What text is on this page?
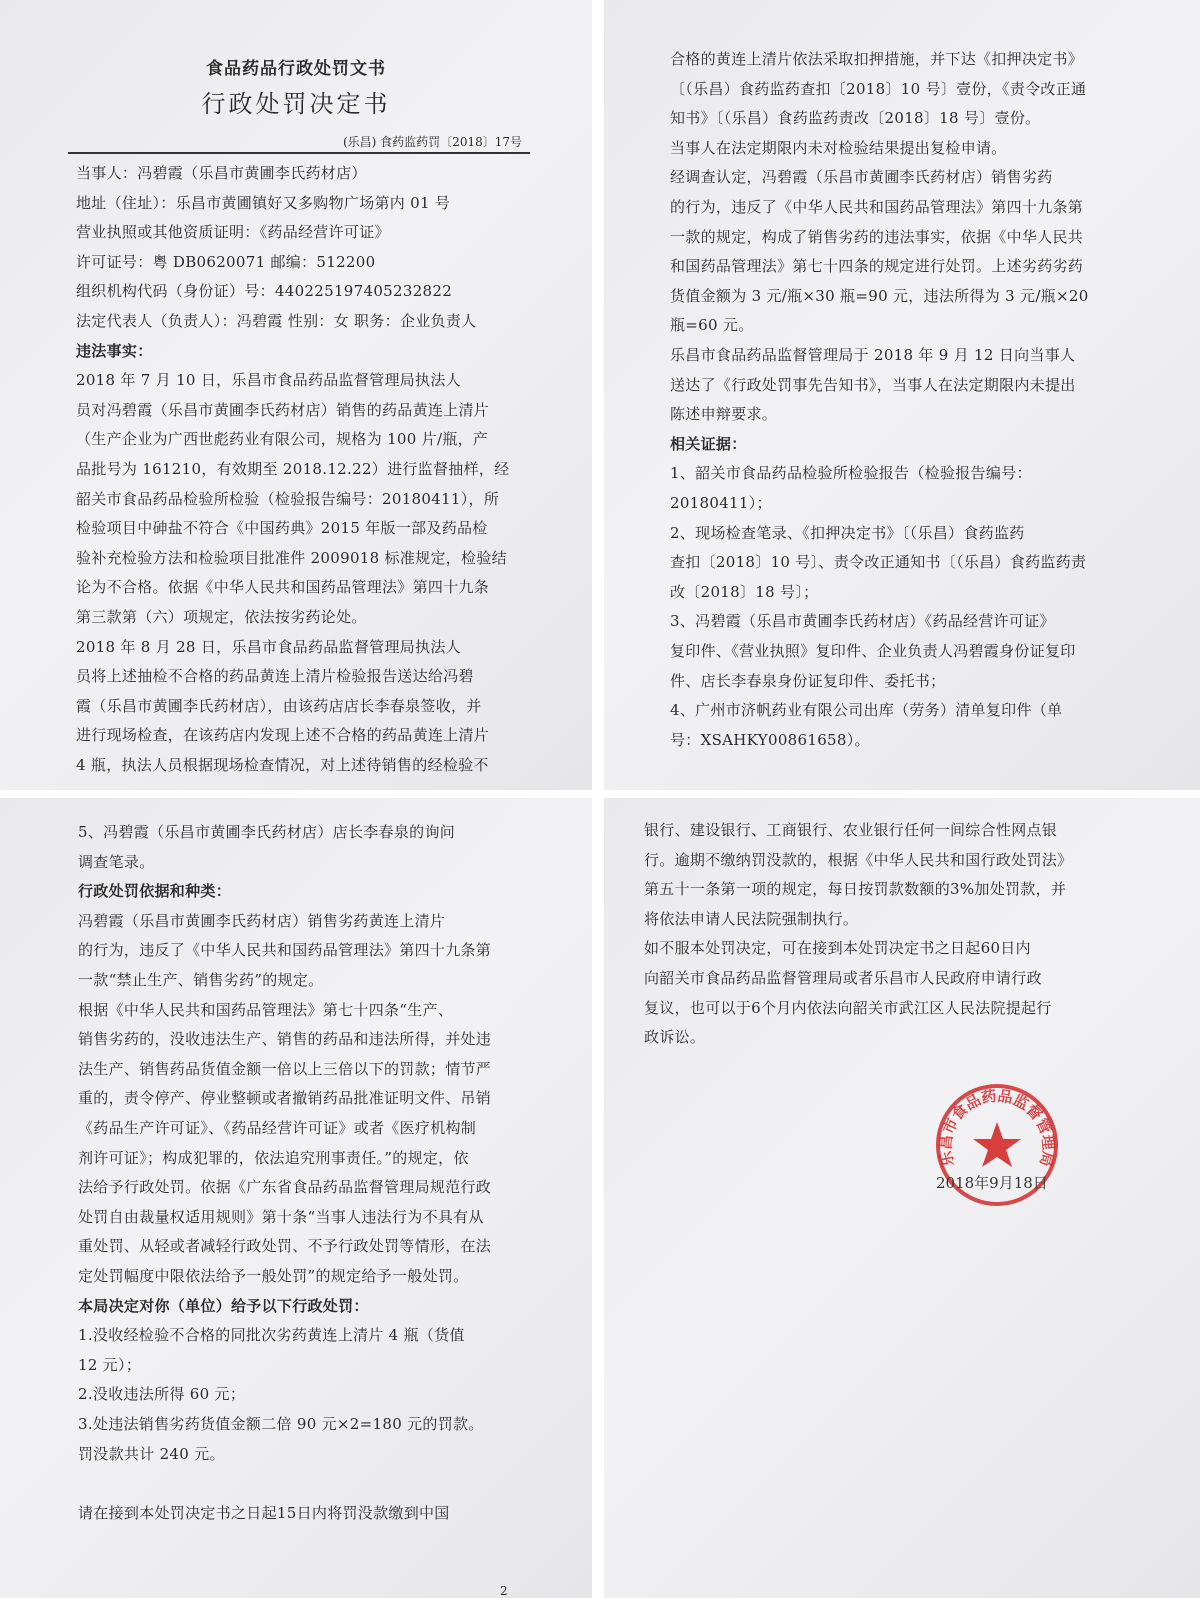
食品药品行政处罚文书
行政处罚决定书
(乐昌) 食药监药罚〔2018〕17号
当事人：冯碧霞（乐昌市黄圃李氏药材店）
地址（住址）：乐昌市黄圃镇好又多购物广场第内 01 号
营业执照或其他资质证明：《药品经营许可证》
许可证号：粤 DB0620071 邮编：512200
组织机构代码（身份证）号：440225197405232822
法定代表人（负责人）：冯碧霞 性别：女 职务：企业负责人
违法事实：
2018 年 7 月 10 日，乐昌市食品药品监督管理局执法人
员对冯碧霞（乐昌市黄圃李氏药材店）销售的药品黄连上清片
（生产企业为广西世彪药业有限公司，规格为 100 片/瓶，产
品批号为 161210，有效期至 2018.12.22）进行监督抽样，经
韶关市食品药品检验所检验（检验报告编号：20180411），所
检验项目中砷盐不符合《中国药典》2015 年版一部及药品检
验补充检验方法和检验项目批准件 2009018 标准规定，检验结
论为不合格。依据《中华人民共和国药品管理法》第四十九条
第三款第（六）项规定，依法按劣药论处。
2018 年 8 月 28 日，乐昌市食品药品监督管理局执法人
员将上述抽检不合格的药品黄连上清片检验报告送达给冯碧
霞（乐昌市黄圃李氏药材店），由该药店店长李春泉签收，并
进行现场检查，在该药店内发现上述不合格的药品黄连上清片
4 瓶，执法人员根据现场检查情况，对上述待销售的经检验不
合格的黄连上清片依法采取扣押措施，并下达《扣押决定书》
〔（乐昌）食药监药查扣〔2018〕10 号〕壹份，《责令改正通
知书》〔（乐昌）食药监药责改〔2018〕18 号〕壹份。
当事人在法定期限内未对检验结果提出复检申请。
经调查认定，冯碧霞（乐昌市黄圃李氏药材店）销售劣药
的行为，违反了《中华人民共和国药品管理法》第四十九条第
一款的规定，构成了销售劣药的违法事实，依据《中华人民共
和国药品管理法》第七十四条的规定进行处罚。上述劣药劣药
货值金额为 3 元/瓶×30 瓶=90 元，违法所得为 3 元/瓶×20
瓶=60 元。
乐昌市食品药品监督管理局于 2018 年 9 月 12 日向当事人
送达了《行政处罚事先告知书》，当事人在法定期限内未提出
陈述申辩要求。
相关证据：
1、韶关市食品药品检验所检验报告（检验报告编号：
20180411）；
2、现场检查笔录、《扣押决定书》〔（乐昌）食药监药
查扣〔2018〕10 号〕、责令改正通知书〔（乐昌）食药监药责
改〔2018〕18 号〕；
3、冯碧霞（乐昌市黄圃李氏药材店）《药品经营许可证》
复印件、《营业执照》复印件、企业负责人冯碧霞身份证复印
件、店长李春泉身份证复印件、委托书；
4、广州市济帆药业有限公司出库（劳务）清单复印件（单
号：XSAHKY00861658）。
5、冯碧霞（乐昌市黄圃李氏药材店）店长李春泉的询问
调查笔录。
行政处罚依据和种类：
冯碧霞（乐昌市黄圃李氏药材店）销售劣药黄连上清片
的行为，违反了《中华人民共和国药品管理法》第四十九条第
一款“禁止生产、销售劣药”的规定。
根据《中华人民共和国药品管理法》第七十四条“生产、
销售劣药的，没收违法生产、销售的药品和违法所得，并处违
法生产、销售药品货值金额一倍以上三倍以下的罚款；情节严
重的，责令停产、停业整顿或者撤销药品批准证明文件、吊销
《药品生产许可证》、《药品经营许可证》或者《医疗机构制
剂许可证》；构成犯罪的，依法追究刑事责任。”的规定，依
法给予行政处罚。依据《广东省食品药品监督管理局规范行政
处罚自由裁量权适用规则》第十条“当事人违法行为不具有从
重处罚、从轻或者减轻行政处罚、不予行政处罚等情形，在法
定处罚幅度中限依法给予一般处罚”的规定给予一般处罚。
本局决定对你（单位）给予以下行政处罚：
1.没收经检验不合格的同批次劣药黄连上清片 4 瓶（货值
12 元）；
2.没收违法所得 60 元；
3.处违法销售劣药货值金额二倍 90 元×2=180 元的罚款。
罚没款共计 240 元。
请在接到本处罚决定书之日起15日内将罚没款缴到中国
2
银行、建设银行、工商银行、农业银行任何一间综合性网点银
行。逾期不缴纳罚没款的，根据《中华人民共和国行政处罚法》
第五十一条第一项的规定，每日按罚款数额的3%加处罚款，并
将依法申请人民法院强制执行。
如不服本处罚决定，可在接到本处罚决定书之日起60日内
向韶关市食品药品监督管理局或者乐昌市人民政府申请行政
复议，也可以于6个月内依法向韶关市武江区人民法院提起行
政诉讼。
乐昌市食品药品监督管理局
2018年9月18日
